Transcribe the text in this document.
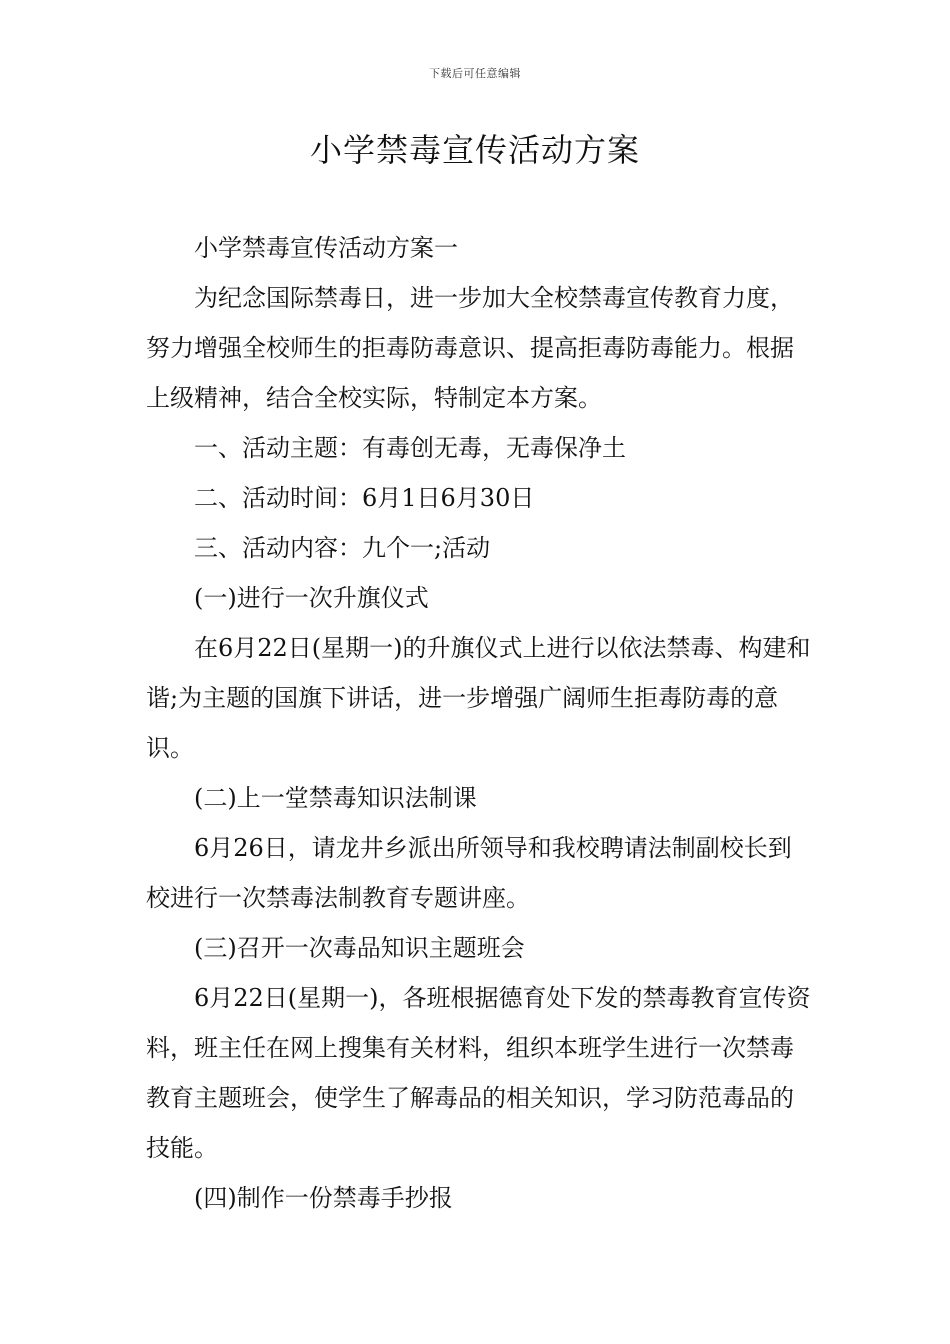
下载后可任意编辑
小学禁毒宣传活动方案

小学禁毒宣传活动方案一

为纪念国际禁毒日，进一步加大全校禁毒宣传教育力度，努力增强全校师生的拒毒防毒意识、提高拒毒防毒能力。根据上级精神，结合全校实际，特制定本方案。

一、活动主题：有毒创无毒，无毒保净土

二、活动时间：6月1日6月30日

三、活动内容：九个一;活动

(一)进行一次升旗仪式

在6月22日(星期一)的升旗仪式上进行以依法禁毒、构建和谐;为主题的国旗下讲话，进一步增强广阔师生拒毒防毒的意识。

(二)上一堂禁毒知识法制课

6月26日，请龙井乡派出所领导和我校聘请法制副校长到校进行一次禁毒法制教育专题讲座。

(三)召开一次毒品知识主题班会

6月22日(星期一)，各班根据德育处下发的禁毒教育宣传资料，班主任在网上搜集有关材料，组织本班学生进行一次禁毒教育主题班会，使学生了解毒品的相关知识，学习防范毒品的技能。

(四)制作一份禁毒手抄报
